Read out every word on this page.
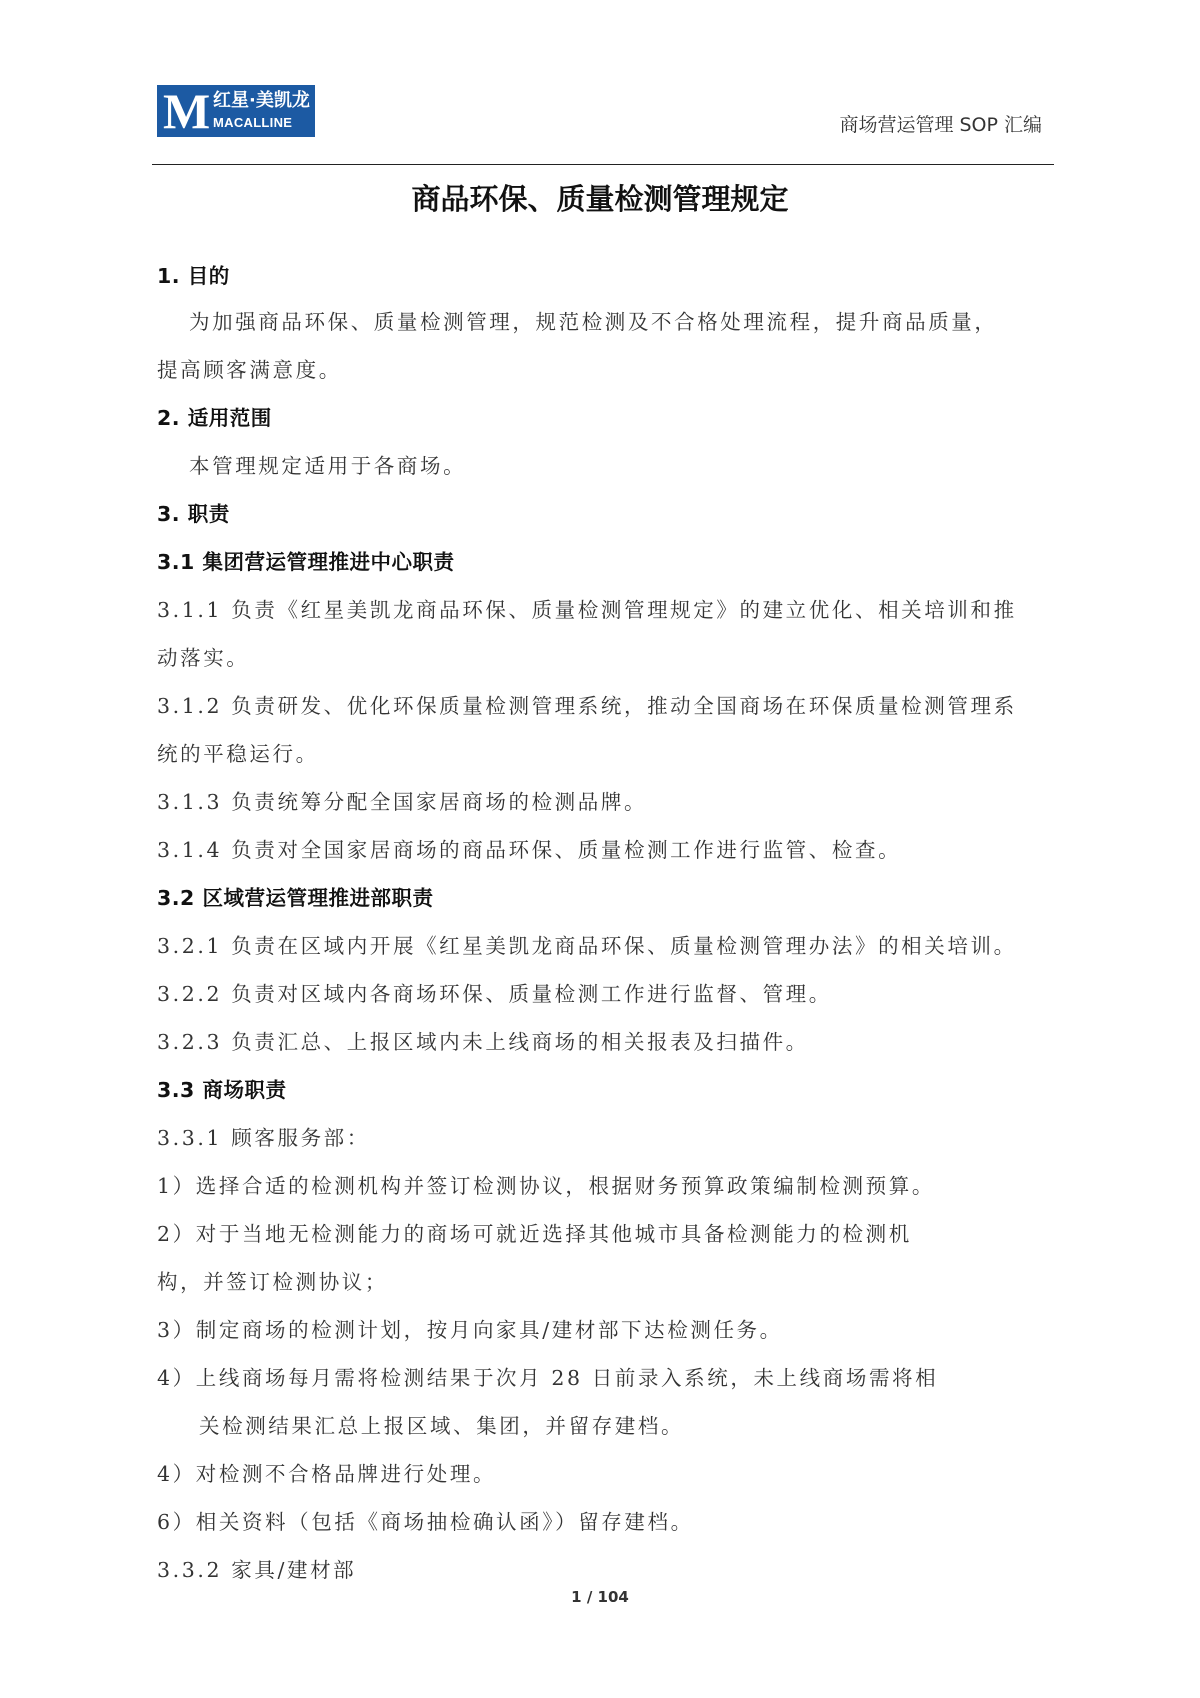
M 红星·美凯龙
MACALLINE	商场营运管理 SOP 汇编
商品环保、质量检测管理规定
1. 目的
为加强商品环保、质量检测管理，规范检测及不合格处理流程，提升商品质量，
提高顾客满意度。
2. 适用范围
本管理规定适用于各商场。
3. 职责
3.1 集团营运管理推进中心职责
3.1.1 负责《红星美凯龙商品环保、质量检测管理规定》的建立优化、相关培训和推
动落实。
3.1.2 负责研发、优化环保质量检测管理系统，推动全国商场在环保质量检测管理系
统的平稳运行。
3.1.3 负责统筹分配全国家居商场的检测品牌。
3.1.4 负责对全国家居商场的商品环保、质量检测工作进行监管、检查。
3.2 区域营运管理推进部职责
3.2.1 负责在区域内开展《红星美凯龙商品环保、质量检测管理办法》的相关培训。
3.2.2 负责对区域内各商场环保、质量检测工作进行监督、管理。
3.2.3 负责汇总、上报区域内未上线商场的相关报表及扫描件。
3.3 商场职责
3.3.1 顾客服务部：
1）选择合适的检测机构并签订检测协议，根据财务预算政策编制检测预算。
2）对于当地无检测能力的商场可就近选择其他城市具备检测能力的检测机
构，并签订检测协议；
3）制定商场的检测计划，按月向家具/建材部下达检测任务。
4）上线商场每月需将检测结果于次月 28 日前录入系统，未上线商场需将相
关检测结果汇总上报区域、集团，并留存建档。
4）对检测不合格品牌进行处理。
6）相关资料（包括《商场抽检确认函》）留存建档。
3.3.2 家具/建材部
1 / 104
